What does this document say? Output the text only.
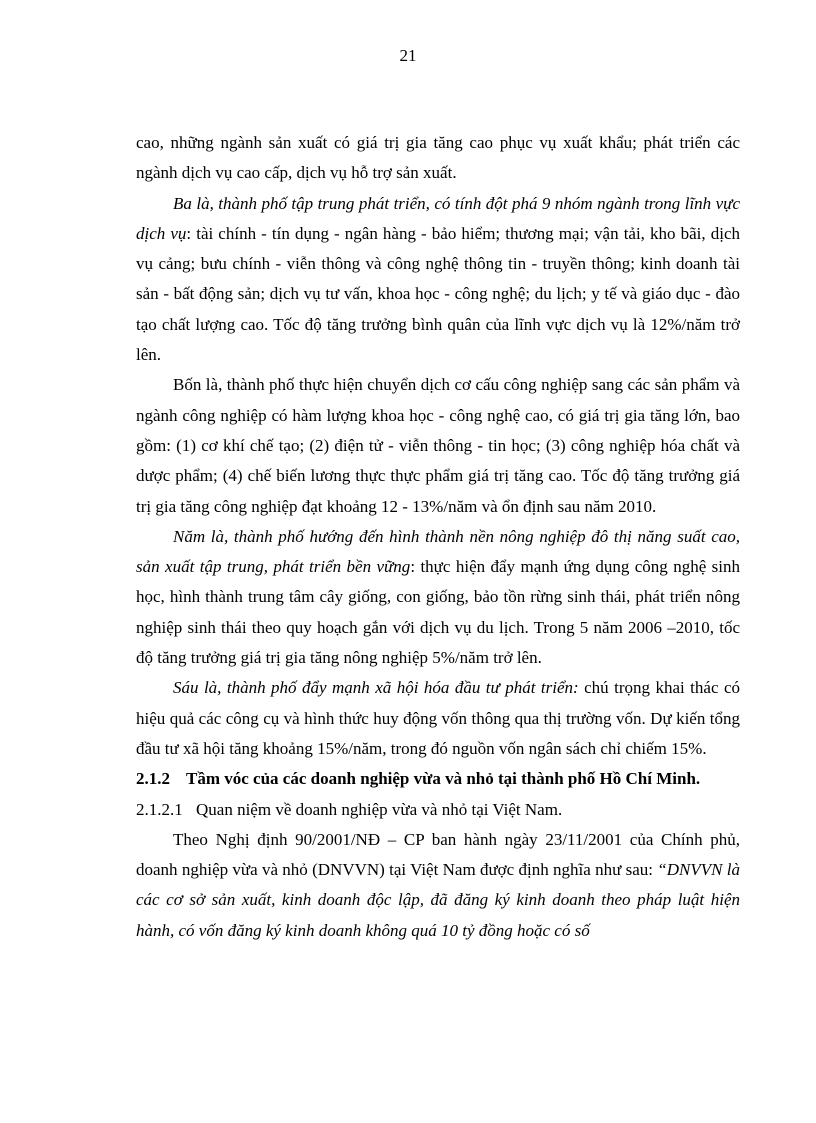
21

cao, những ngành sản xuất có giá trị gia tăng cao phục vụ xuất khẩu; phát triển các ngành dịch vụ cao cấp, dịch vụ hỗ trợ sản xuất.

Ba là, thành phố tập trung phát triển, có tính đột phá 9 nhóm ngành trong lĩnh vực dịch vụ: tài chính - tín dụng - ngân hàng - bảo hiểm; thương mại; vận tải, kho bãi, dịch vụ cảng; bưu chính - viễn thông và công nghệ thông tin - truyền thông; kinh doanh tài sản - bất động sản; dịch vụ tư vấn, khoa học - công nghệ; du lịch; y tế và giáo dục - đào tạo chất lượng cao. Tốc độ tăng trưởng bình quân của lĩnh vực dịch vụ là 12%/năm trở lên.

Bốn là, thành phố thực hiện chuyển dịch cơ cấu công nghiệp sang các sản phẩm và ngành công nghiệp có hàm lượng khoa học - công nghệ cao, có giá trị gia tăng lớn, bao gồm: (1) cơ khí chế tạo; (2) điện tử - viễn thông - tin học; (3) công nghiệp hóa chất và dược phẩm; (4) chế biến lương thực thực phẩm giá trị tăng cao. Tốc độ tăng trưởng giá trị gia tăng công nghiệp đạt khoảng 12 - 13%/năm và ổn định sau năm 2010.

Năm là, thành phố hướng đến hình thành nền nông nghiệp đô thị năng suất cao, sản xuất tập trung, phát triển bền vững: thực hiện đẩy mạnh ứng dụng công nghệ sinh học, hình thành trung tâm cây giống, con giống, bảo tồn rừng sinh thái, phát triển nông nghiệp sinh thái theo quy hoạch gắn với dịch vụ du lịch. Trong 5 năm 2006 –2010, tốc độ tăng trưởng giá trị gia tăng nông nghiệp 5%/năm trở lên.

Sáu là, thành phố đẩy mạnh xã hội hóa đầu tư phát triển: chú trọng khai thác có hiệu quả các công cụ và hình thức huy động vốn thông qua thị trường vốn. Dự kiến tổng đầu tư xã hội tăng khoảng 15%/năm, trong đó nguồn vốn ngân sách chỉ chiếm 15%.

2.1.2 Tầm vóc của các doanh nghiệp vừa và nhỏ tại thành phố Hồ Chí Minh.
2.1.2.1 Quan niệm về doanh nghiệp vừa và nhỏ tại Việt Nam.

Theo Nghị định 90/2001/NĐ – CP ban hành ngày 23/11/2001 của Chính phủ, doanh nghiệp vừa và nhỏ (DNVVN) tại Việt Nam được định nghĩa như sau: “DNVVN là các cơ sở sản xuất, kinh doanh độc lập, đã đăng ký kinh doanh theo pháp luật hiện hành, có vốn đăng ký kinh doanh không quá 10 tỷ đồng hoặc có số
